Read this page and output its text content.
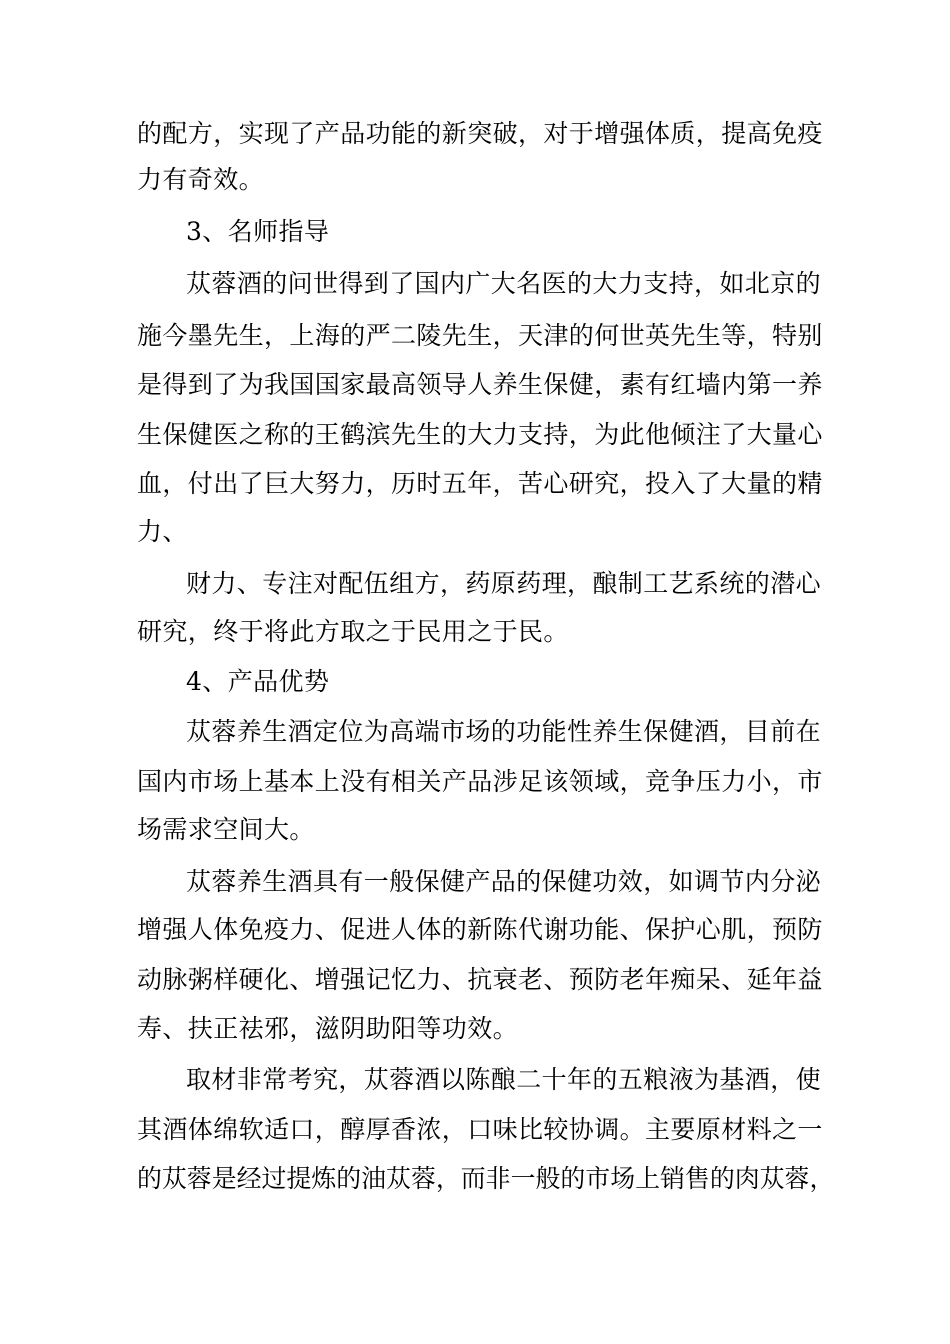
的配方，实现了产品功能的新突破，对于增强体质，提高免疫
力有奇效。
3、名师指导
苁蓉酒的问世得到了国内广大名医的大力支持，如北京的
施今墨先生，上海的严二陵先生，天津的何世英先生等，特别
是得到了为我国国家最高领导人养生保健，素有红墙内第一养
生保健医之称的王鹤滨先生的大力支持，为此他倾注了大量心
血，付出了巨大努力，历时五年，苦心研究，投入了大量的精
力、
财力、专注对配伍组方，药原药理，酿制工艺系统的潜心
研究，终于将此方取之于民用之于民。
4、产品优势
苁蓉养生酒定位为高端市场的功能性养生保健酒，目前在
国内市场上基本上没有相关产品涉足该领域，竞争压力小，市
场需求空间大。
苁蓉养生酒具有一般保健产品的保健功效，如调节内分泌
增强人体免疫力、促进人体的新陈代谢功能、保护心肌，预防
动脉粥样硬化、增强记忆力、抗衰老、预防老年痴呆、延年益
寿、扶正祛邪，滋阴助阳等功效。
取材非常考究，苁蓉酒以陈酿二十年的五粮液为基酒，使
其酒体绵软适口，醇厚香浓，口味比较协调。主要原材料之一
的苁蓉是经过提炼的油苁蓉，而非一般的市场上销售的肉苁蓉，
